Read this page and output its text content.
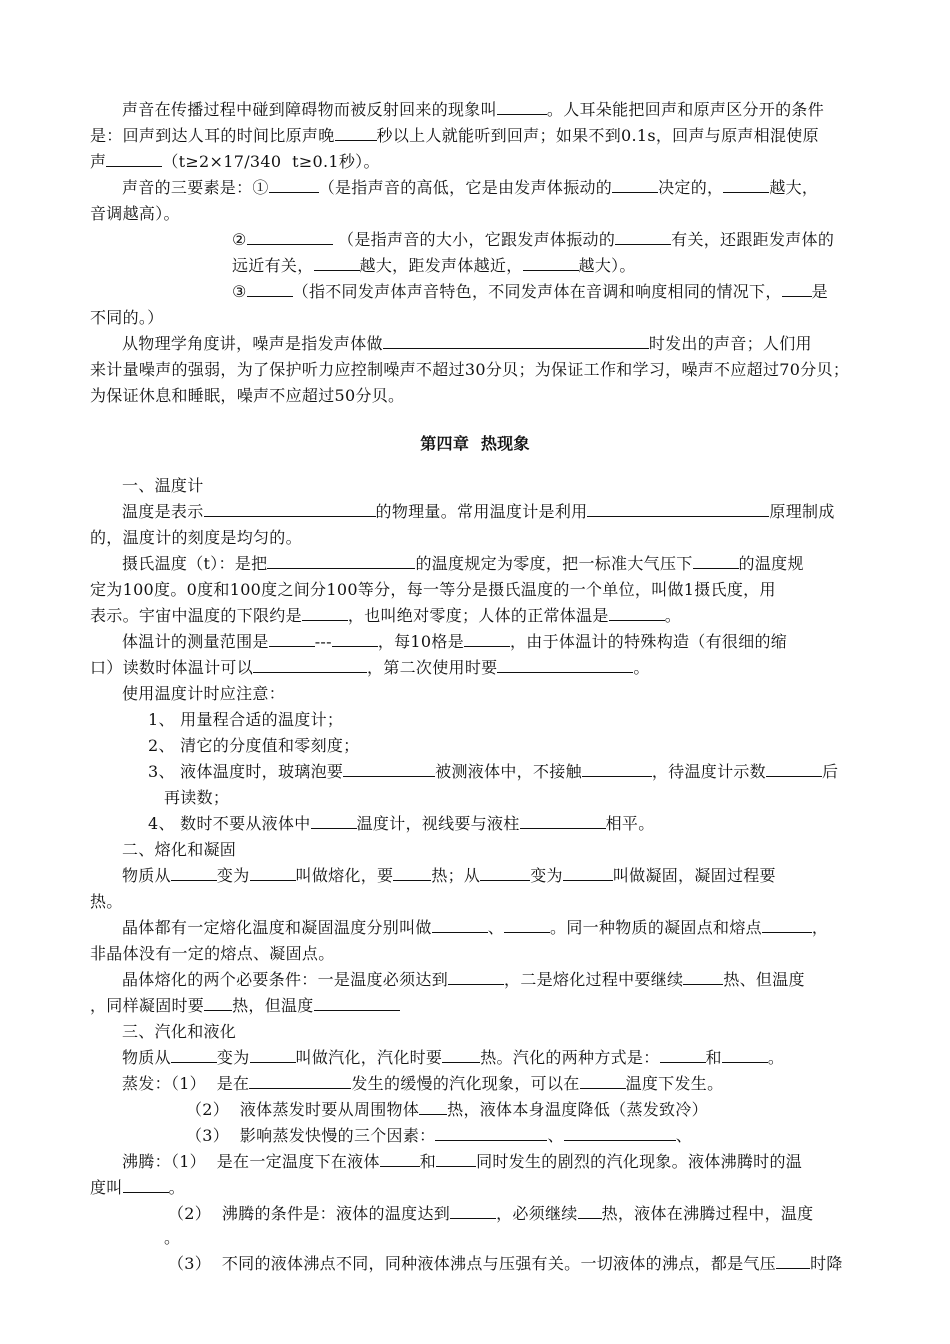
声音在传播过程中碰到障碍物而被反射回来的现象叫	。人耳朵能把回声和原声区分开的条件
是：回声到达人耳的时间比原声晚	秒以上人就能听到回声；如果不到0.1s，回声与原声相混使原
声	（t≥2×17/340  t≥0.1秒）。
声音的三要素是：①	（是指声音的高低，它是由发声体振动的	决定的，	越大，
音调越高）。
②	（是指声音的大小，它跟发声体振动的	有关，还跟距发声体的
远近有关，	越大，距发声体越近，	越大）。
③	（指不同发声体声音特色，不同发声体在音调和响度相同的情况下， 是
不同的。）
从物理学角度讲，噪声是指发声体做	时发出的声音；人们用
来计量噪声的强弱，为了保护听力应控制噪声不超过30分贝；为保证工作和学习，噪声不应超过70分贝；
为保证休息和睡眠，噪声不应超过50分贝。
第四章  热现象
一、温度计
温度是表示	的物理量。常用温度计是利用	原理制成
的，温度计的刻度是均匀的。
摄氏温度（t）：是把	的温度规定为零度，把一标准大气压下	的温度规
定为100度。0度和100度之间分100等分，每一等分是摄氏温度的一个单位，叫做1摄氏度，用
表示。宇宙中温度的下限约是	，也叫绝对零度；人体的正常体温是	。
体温计的测量范围是	---	，每10格是	，由于体温计的特殊构造（有很细的缩
口）读数时体温计可以	，第二次使用时要	。
使用温度计时应注意：
1、 用量程合适的温度计；
2、 清它的分度值和零刻度；
3、 液体温度时，玻璃泡要	被测液体中，不接触	，待温度计示数	后
再读数；
4、 数时不要从液体中	温度计，视线要与液柱	相平。
二、熔化和凝固
物质从	变为	叫做熔化，要 热；从	变为	叫做凝固，凝固过程要
热。
晶体都有一定熔化温度和凝固温度分别叫做	、	。同一种物质的凝固点和熔点	，
非晶体没有一定的熔点、凝固点。
晶体熔化的两个必要条件：一是温度必须达到	，二是熔化过程中要继续	热、但温度
，同样凝固时要 热，但温度
三、汽化和液化
物质从	变为	叫做汽化，汽化时要 热。汽化的两种方式是：	和	。
蒸发：（1）  是在	发生的缓慢的汽化现象，可以在	温度下发生。
（2）  液体蒸发时要从周围物体 热，液体本身温度降低（蒸发致冷）
（3）  影响蒸发快慢的三个因素：	、	、
沸腾：（1）  是在一定温度下在液体	和	同时发生的剧烈的汽化现象。液体沸腾时的温
度叫	。
（2）  沸腾的条件是：液体的温度达到	，必须继续 热，液体在沸腾过程中，温度
。
（3）  不同的液体沸点不同，同种液体沸点与压强有关。一切液体的沸点，都是气压 时降
